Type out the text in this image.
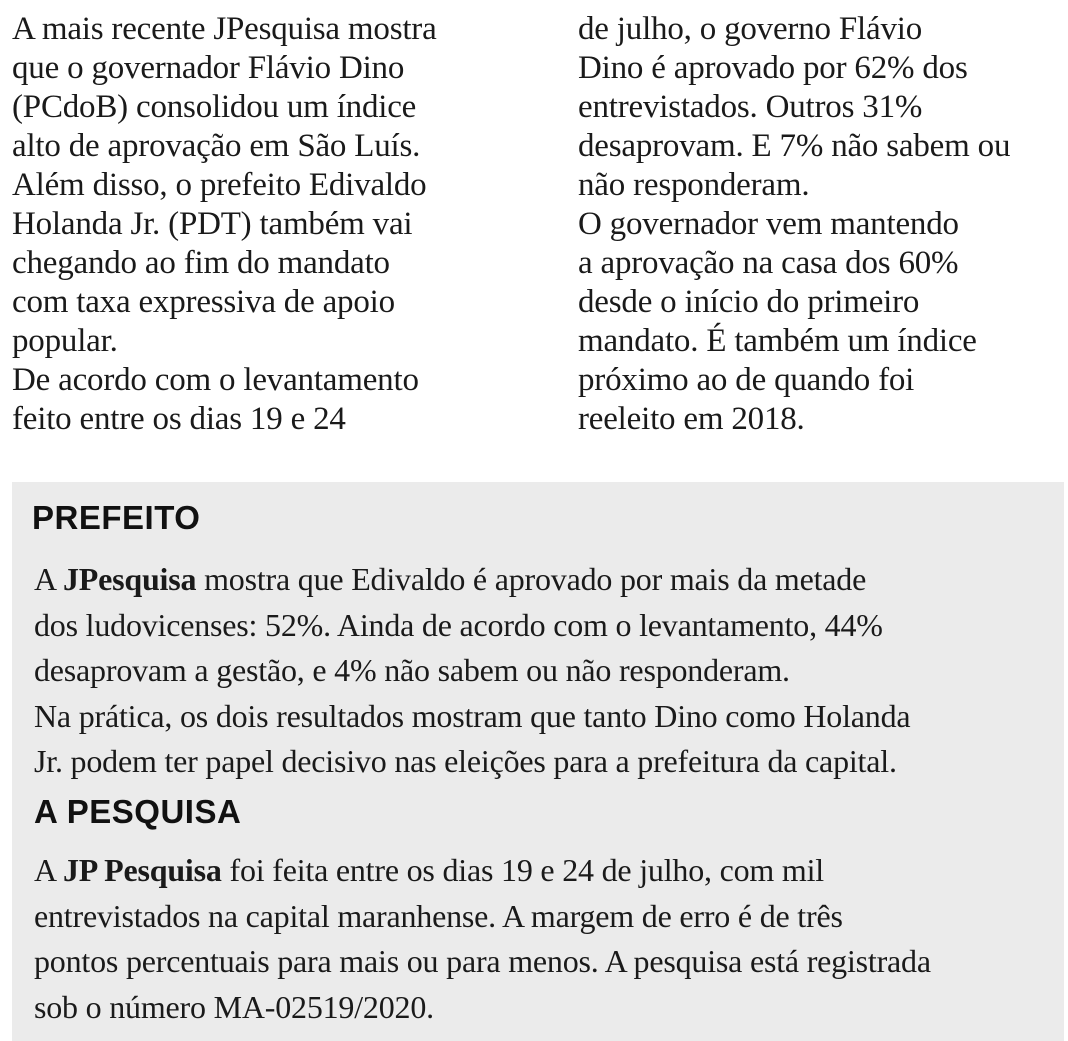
A mais recente JPesquisa mostra
que o governador Flávio Dino
(PCdoB) consolidou um índice
alto de aprovação em São Luís.
Além disso, o prefeito Edivaldo
Holanda Jr. (PDT) também vai
chegando ao fim do mandato
com taxa expressiva de apoio
popular.
De acordo com o levantamento
feito entre os dias 19 e 24
de julho, o governo Flávio
Dino é aprovado por 62% dos
entrevistados. Outros 31%
desaprovam. E 7% não sabem ou
não responderam.
O governador vem mantendo
a aprovação na casa dos 60%
desde o início do primeiro
mandato. É também um índice
próximo ao de quando foi
reeleito em 2018.
PREFEITO
A JPesquisa mostra que Edivaldo é aprovado por mais da metade
dos ludovicenses: 52%. Ainda de acordo com o levantamento, 44%
desaprovam a gestão, e 4% não sabem ou não responderam.
Na prática, os dois resultados mostram que tanto Dino como Holanda
Jr. podem ter papel decisivo nas eleições para a prefeitura da capital.
A PESQUISA
A JP Pesquisa foi feita entre os dias 19 e 24 de julho, com mil
entrevistados na capital maranhense. A margem de erro é de três
pontos percentuais para mais ou para menos. A pesquisa está registrada
sob o número MA-02519/2020.
